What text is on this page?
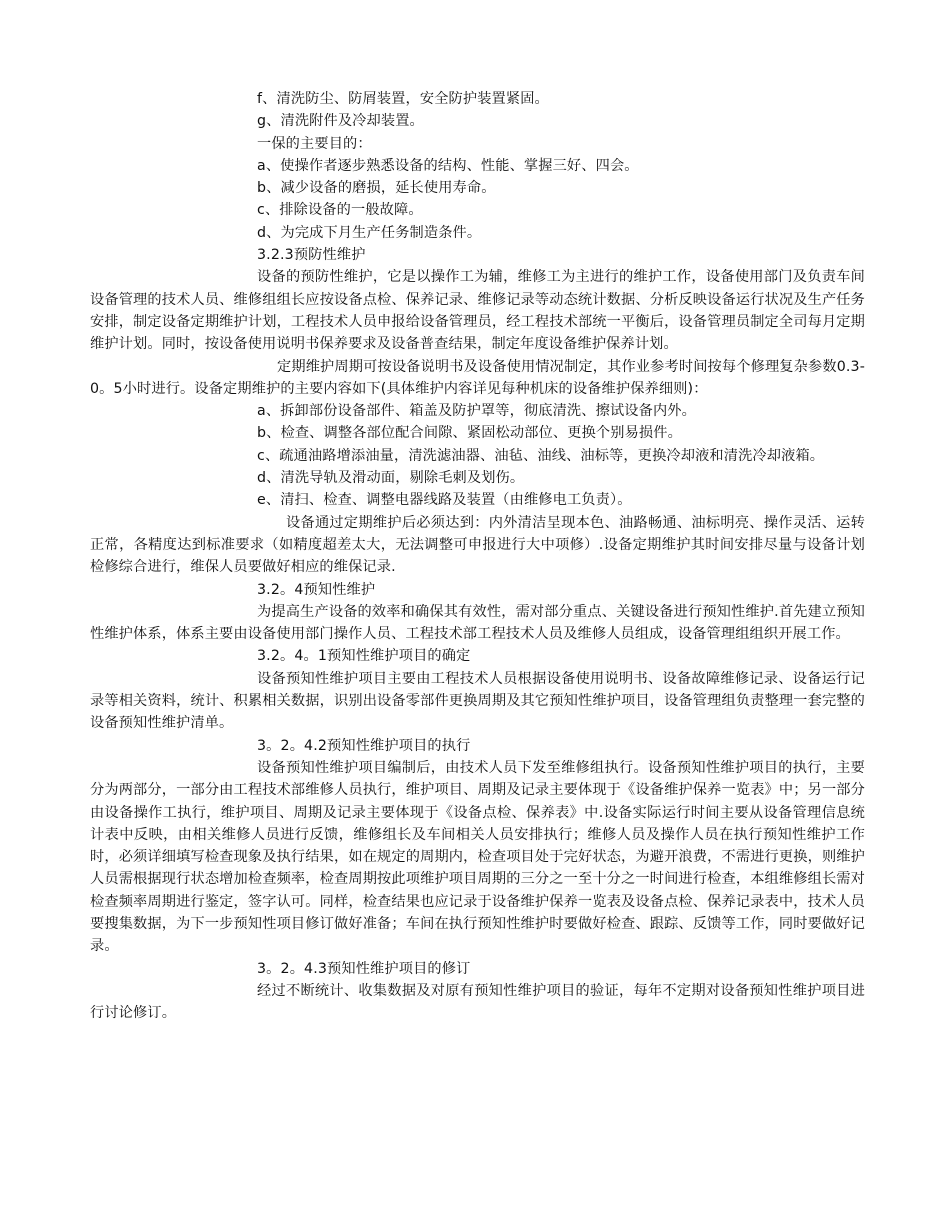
f、清洗防尘、防屑装置，安全防护装置紧固。

g、清洗附件及冷却装置。

一保的主要目的：

a、使操作者逐步熟悉设备的结构、性能、掌握三好、四会。

b、减少设备的磨损，延长使用寿命。

c、排除设备的一般故障。

d、为完成下月生产任务制造条件。

3.2.3预防性维护

设备的预防性维护，它是以操作工为辅，维修工为主进行的维护工作，设备使用部门及负责车间设备管理的技术人员、维修组组长应按设备点检、保养记录、维修记录等动态统计数据、分析反映设备运行状况及生产任务安排，制定设备定期维护计划，工程技术人员申报给设备管理员，经工程技术部统一平衡后，设备管理员制定全司每月定期维护计划。同时，按设备使用说明书保养要求及设备普查结果，制定年度设备维护保养计划。

定期维护周期可按设备说明书及设备使用情况制定，其作业参考时间按每个修理复杂参数0.3-0。5小时进行。设备定期维护的主要内容如下(具体维护内容详见每种机床的设备维护保养细则)：

a、拆卸部份设备部件、箱盖及防护罩等，彻底清洗、擦试设备内外。

b、检查、调整各部位配合间隙、紧固松动部位、更换个别易损件。

c、疏通油路增添油量，清洗滤油器、油毡、油线、油标等，更换冷却液和清洗冷却液箱。

d、清洗导轨及滑动面，剔除毛刺及划伤。

e、清扫、检查、调整电器线路及装置（由维修电工负责）。

设备通过定期维护后必须达到：内外清洁呈现本色、油路畅通、油标明亮、操作灵活、运转正常，各精度达到标准要求（如精度超差太大，无法调整可申报进行大中项修）.设备定期维护其时间安排尽量与设备计划检修综合进行，维保人员要做好相应的维保记录.

3.2。4预知性维护

为提高生产设备的效率和确保其有效性，需对部分重点、关键设备进行预知性维护.首先建立预知性维护体系，体系主要由设备使用部门操作人员、工程技术部工程技术人员及维修人员组成，设备管理组组织开展工作。

3.2。4。1预知性维护项目的确定

设备预知性维护项目主要由工程技术人员根据设备使用说明书、设备故障维修记录、设备运行记录等相关资料，统计、积累相关数据，识别出设备零部件更换周期及其它预知性维护项目，设备管理组负责整理一套完整的设备预知性维护清单。

3。2。4.2预知性维护项目的执行

设备预知性维护项目编制后，由技术人员下发至维修组执行。设备预知性维护项目的执行，主要分为两部分，一部分由工程技术部维修人员执行，维护项目、周期及记录主要体现于《设备维护保养一览表》中；另一部分由设备操作工执行，维护项目、周期及记录主要体现于《设备点检、保养表》中.设备实际运行时间主要从设备管理信息统计表中反映，由相关维修人员进行反馈，维修组长及车间相关人员安排执行；维修人员及操作人员在执行预知性维护工作时，必须详细填写检查现象及执行结果，如在规定的周期内，检查项目处于完好状态，为避开浪费，不需进行更换，则维护人员需根据现行状态增加检查频率，检查周期按此项维护项目周期的三分之一至十分之一时间进行检查，本组维修组长需对检查频率周期进行鉴定，签字认可。同样，检查结果也应记录于设备维护保养一览表及设备点检、保养记录表中，技术人员要搜集数据，为下一步预知性项目修订做好准备；车间在执行预知性维护时要做好检查、跟踪、反馈等工作，同时要做好记录。

3。2。4.3预知性维护项目的修订

经过不断统计、收集数据及对原有预知性维护项目的验证，每年不定期对设备预知性维护项目进行讨论修订。
